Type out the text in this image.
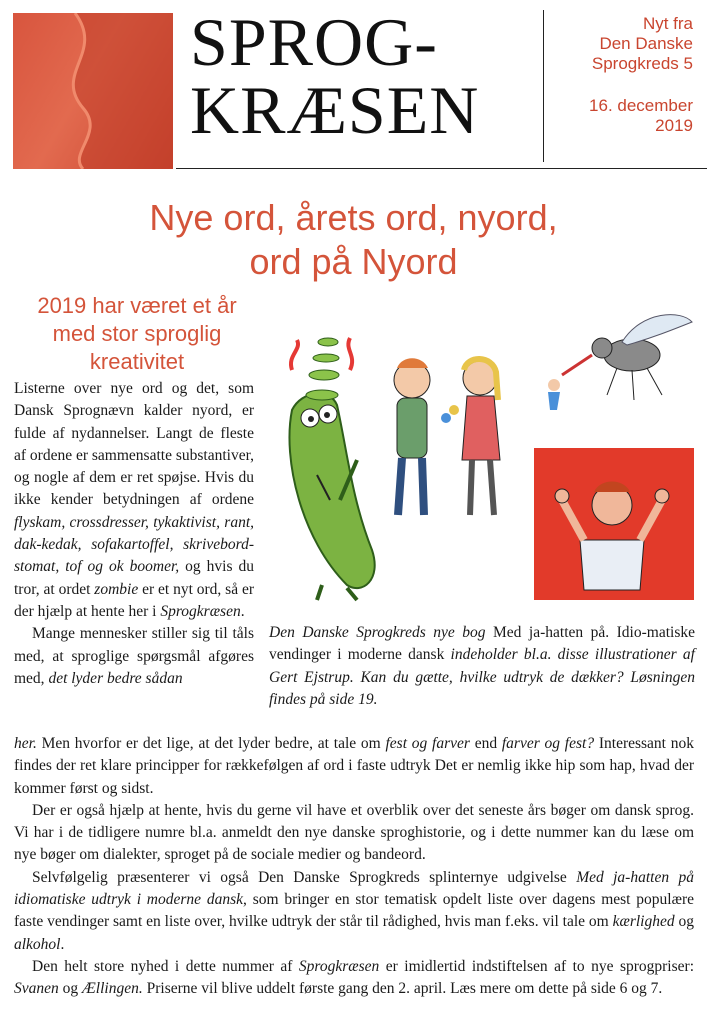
SPROG-
KRÆSEN
Nyt fra
Den Danske
Sprogkreds 5
16. december
2019
Nye ord, årets ord, nyord,
ord på Nyord
2019 har været et år med stor sproglig kreativitet

Listerne over nye ord og det, som Dansk Sprognævn kalder nyord, er fulde af nydannelser. Langt de fleste af ordene er sammensatte substantiver, og nogle af dem er ret spøjse. Hvis du ikke kender betydningen af ordene flyskam, crossdresser, tykaktivist, rant, dak-kedak, sofakartoffel, skrivebord-stomat, tof og ok boomer, og hvis du tror, at ordet zombie er et nyt ord, så er der hjælp at hente her i Sprogkræsen.

Mange mennesker stiller sig til tåls med, at sproglige spørgsmål afgøres med, det lyder bedre sådan

Den Danske Sprogkreds nye bog Med ja-hatten på. Idio-matiske vendinger i moderne dansk indeholder bl.a. disse illustrationer af Gert Ejstrup. Kan du gætte, hvilke udtryk de dækker? Løsningen findes på side 19.

her. Men hvorfor er det lige, at det lyder bedre, at tale om fest og farver end farver og fest? Interessant nok findes der ret klare principper for rækkefølgen af ord i faste udtryk Det er nemlig ikke hip som hap, hvad der kommer først og sidst.

Der er også hjælp at hente, hvis du gerne vil have et overblik over det seneste års bøger om dansk sprog. Vi har i de tidligere numre bl.a. anmeldt den nye danske sproghistorie, og i dette nummer kan du læse om nye bøger om dialekter, sproget på de sociale medier og bandeord.

Selvfølgelig præsenterer vi også Den Danske Sprogkreds splinternye udgivelse Med ja-hatten på idiomatiske udtryk i moderne dansk, som bringer en stor tematisk opdelt liste over dagens mest populære faste vendinger samt en liste over, hvilke udtryk der står til rådighed, hvis man f.eks. vil tale om kærlighed og alkohol.

Den helt store nyhed i dette nummer af Sprogkræsen er imidlertid indstiftelsen af to nye sprogpriser: Svanen og Ællingen. Priserne vil blive uddelt første gang den 2. april. Læs mere om dette på side 6 og 7.
